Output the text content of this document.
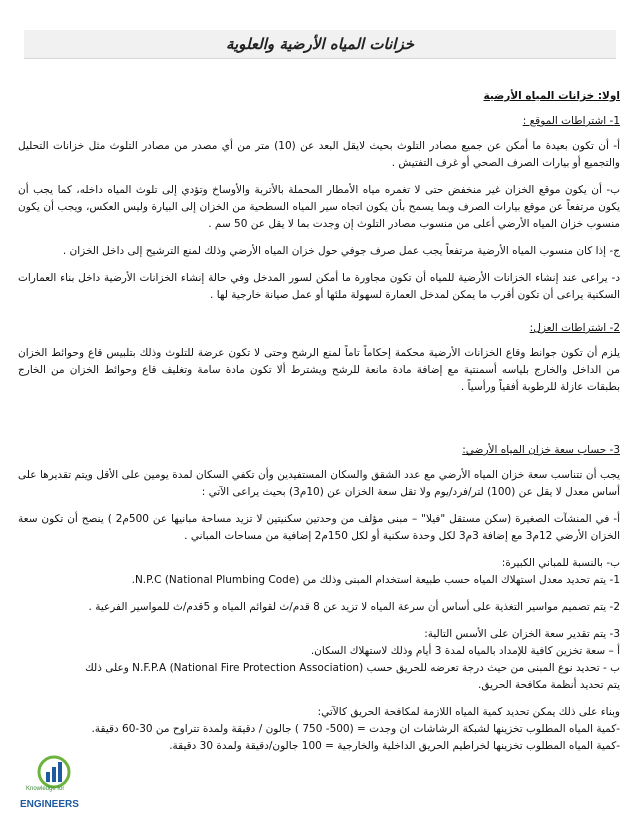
خزانات المياه الأرضية والعلوية

اولا: خزانات المياه الأرضية

1- اشتراطات الموقع :

أ- أن تكون بعيدة ما أمكن عن جميع مصادر التلوث بحيث لايقل البعد عن (10) متر من أي مصدر من مصادر التلوث مثل خزانات التحليل والتجميع أو بيارات الصرف الصحي أو غرف التفتيش .

ب- أن يكون موقع الخزان غير منخفض حتى لا تغمره مياه الأمطار المحملة بالأتربة والأوساخ وتؤدي إلى تلوث المياه داخله، كما يجب أن يكون مرتفعاً عن موقع بيارات الصرف وبما يسمح بأن يكون اتجاه سير المياه السطحية من الخزان إلى البيارة وليس العكس، ويجب أن يكون منسوب خزان المياه الأرضي أعلى من منسوب مصادر التلوث إن وجدت بما لا يقل عن 50 سم .

ج- إذا كان منسوب المياه الأرضية مرتفعاً يجب عمل صرف جوفي حول خزان المياه الأرضي وذلك لمنع الترشيح إلى داخل الخزان .

د- يراعى عند إنشاء الخزانات الأرضية للمياه أن تكون مجاورة ما أمكن لسور المدخل وفي حالة إنشاء الخزانات الأرضية داخل بناء العمارات السكنية يراعى أن تكون أقرب ما يمكن لمدخل العمارة لسهولة ملئها أو عمل صيانة خارجية لها .

2- اشتراطات العزل:

يلزم أن تكون جوانط وقاع الخزانات الأرضية محكمة إحكاماً تاماً لمنع الرشح وحتى لا تكون عرضة للتلوث وذلك بتلبيس قاع وحوائط الخزان من الداخل والخارج بلياسه أسمنتية مع إضافة مادة مانعة للرشح ويشترط ألا تكون مادة سامة وتغليف قاع وحوائط الخزان من الخارج بطبقات عازلة للرطوبة أفقياً ورأسياً .

3- حساب سعة خزان المياه الأرضي:

يجب أن تتناسب سعة خزان المياه الأرضي مع عدد الشقق والسكان المستفيدين وأن تكفي السكان لمدة يومين على الأقل ويتم تقديرها على أساس معدل لا يقل عن (100) لتر/فرد/يوم ولا تقل سعة الخزان عن (10م3) بحيث يراعى الآتي :

أ- في المنشآت الصغيرة (سكن مستقل "فيلا" – مبنى مؤلف من وحدتين سكنيتين لا تزيد مساحة مبانيها عن 500م2 ) ينصح أن تكون سعة الخزان الأرضي 12م3 مع إضافة 3م3 لكل وحدة سكنية أو لكل 150م2 إضافية من مساحات المباني .

ب- بالنسبة للمباني الكبيرة:

1- يتم تحديد معدل استهلاك المياه حسب طبيعة استخدام المبنى وذلك من N.P.C (National Plumbing Code).

2- يتم تصميم مواسير التغذية على أساس أن سرعة المياه لا تزيد عن 8 قدم/ث لقوائم المياه و 5قدم/ث للمواسير الفرعية .

3- يتم تقدير سعة الخزان على الأسس التالية:

أ – سعة تخزين كافية للإمداد بالمياه لمدة 3 أيام وذلك لاستهلاك السكان.

ب - تحديد نوع المبنى من حيث درجة تعرضه للحريق حسب N.F.P.A (National Fire Protection Association) وعلى ذلك

يتم تحديد أنظمة مكافحة الحريق.

وبناء على ذلك يمكن تحديد كمية المياه اللازمة لمكافحة الحريق كالآتي:

-كمية المياه المطلوب تخزينها لشبكة الرشاشات ان وجدت = (500- 750 ) جالون / دقيقة ولمدة تتراوح من 30-60 دقيقة.

-كمية المياه المطلوب تخزينها لخراطيم الحريق الداخلية والخارجية = 100 جالون/دقيقة ولمدة 30 دقيقة.

Knowledge for
ENGINEERS
